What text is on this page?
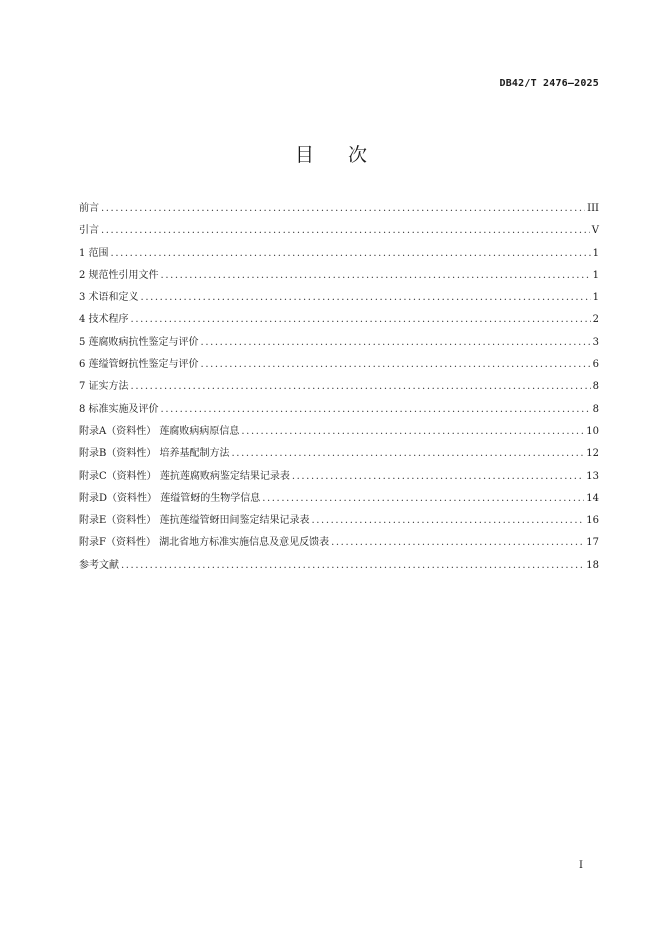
DB42/T 2476—2025
目次
前言 .....	III
引言 .....	V
1 范围 .....	1
2 规范性引用文件 .....	1
3 术语和定义 .....	1
4 技术程序 .....	2
5 莲腐败病抗性鉴定与评价 .....	3
6 莲缢管蚜抗性鉴定与评价 .....	6
7 证实方法 .....	8
8 标准实施及评价 .....	8
附录A（资料性） 莲腐败病病原信息 .....	10
附录B（资料性） 培养基配制方法 .....	12
附录C（资料性） 莲抗莲腐败病鉴定结果记录表 .....	13
附录D（资料性） 莲缢管蚜的生物学信息 .....	14
附录E（资料性） 莲抗莲缢管蚜田间鉴定结果记录表 .....	16
附录F（资料性） 湖北省地方标准实施信息及意见反馈表 .....	17
参考文献 .....	18
I
